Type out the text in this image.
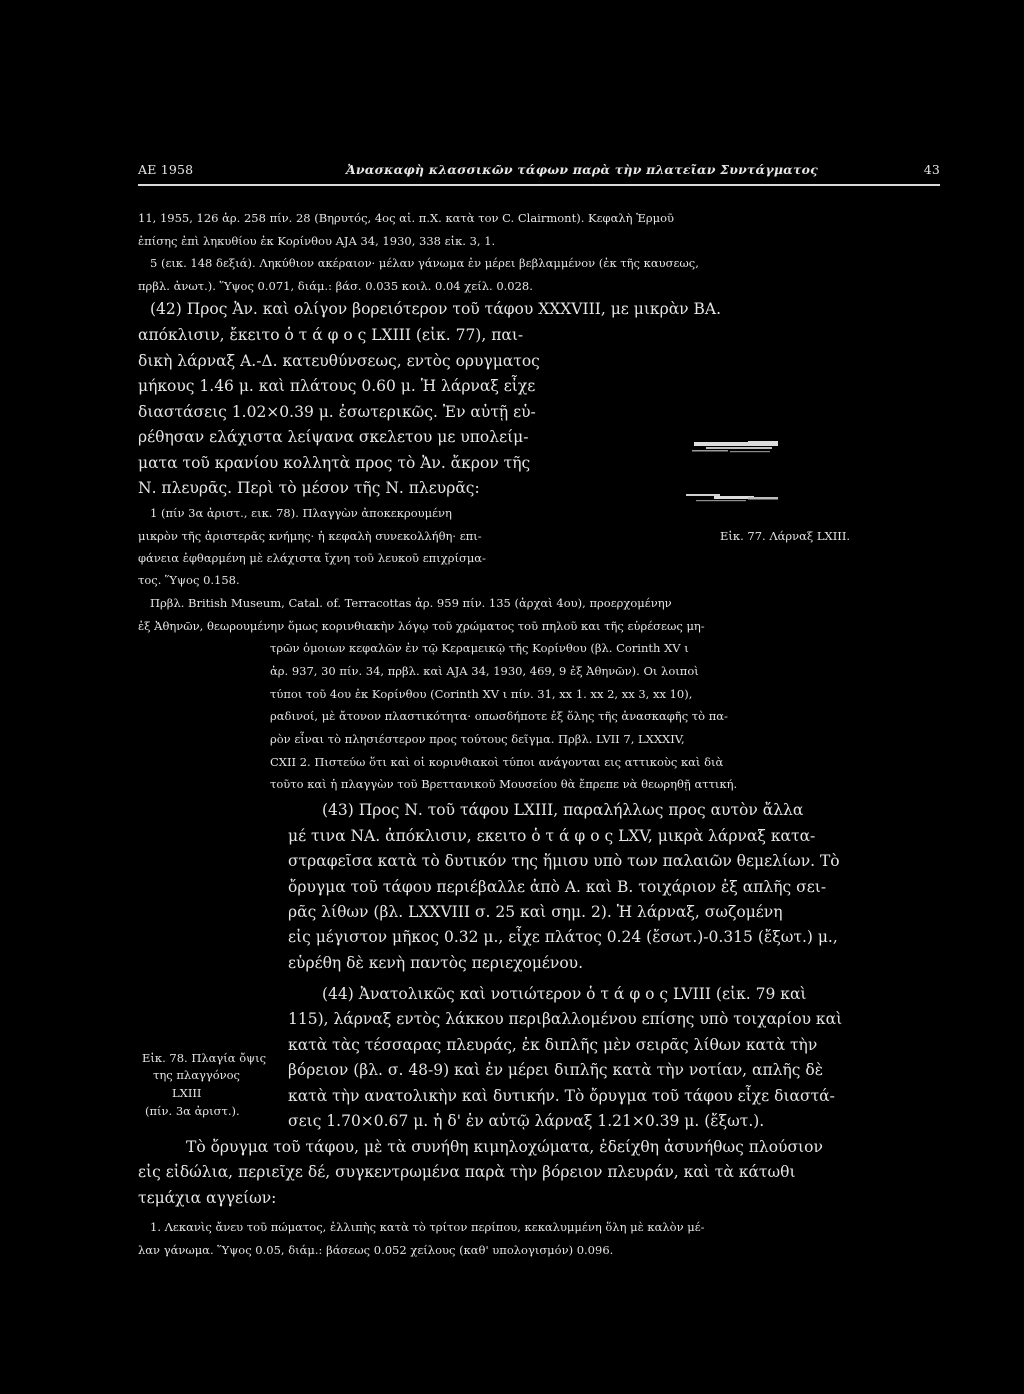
AE 1958	Ἀνασκαφὴ κλασσικῶν τάφων παρὰ τὴν πλατεῖαν Συντάγματος	43
11, 1955, 126 ἀρ. 258 πίν. 28 (Βηρυτός, 4ος αἰ. π.Χ. κατὰ τον C. Clairmont). Κεφαλὴ Ἑρμοῦ
ἐπίσης ἐπὶ ληκυθίου ἐκ Κορίνθου AJA 34, 1930, 338 εἰκ. 3, 1.
5 (εικ. 148 δεξιά). Ληκύθιον ακέραιον· μέλαν γάνωμα ἐν μέρει βεβλαμμένον (ἐκ τῆς καυσεως,
πρβλ. ἀνωτ.). Ὕψος 0.071, διάμ.: βάσ. 0.035 κοιλ. 0.04 χείλ. 0.028.
(42) Προς Ἀν. καὶ ολίγον βορειότερον τοῦ τάφου XXXVIII, με μικρὰν ΒΑ.
απόκλισιν, ἔκειτο ὁ τ ά φ ο ς LXIII (εἰκ. 77), παι-
δικὴ λάρναξ Α.-Δ. κατευθύνσεως, εντὸς ορυγματος
μήκους 1.46 μ. καὶ πλάτους 0.60 μ. Ἡ λάρναξ εἶχε
διαστάσεις 1.02×0.39 μ. ἐσωτερικῶς. Ἐν αὐτῇ εὑ-
ρέθησαν ελάχιστα λείψανα σκελετου με υπολείμ-
ματα τοῦ κρανίου κολλητὰ προς τὸ Ἀν. ἄκρον τῆς
Ν. πλευρᾶς. Περὶ τὸ μέσον τῆς Ν. πλευρᾶς:
1 (πίν 3α ἀριστ., εικ. 78). Πλαγγὼν ἀποκεκρουμένη
μικρὸν τῆς ἀριστερᾶς κνήμης· ἡ κεφαλὴ συνεκολλήθη· επι-
φάνεια ἐφθαρμένη μὲ ελάχιστα ἴχνη τοῦ λευκοῦ επιχρίσμα-
τος. Ὕψος 0.158.
Πρβλ. British Museum, Catal. of. Terracottas ἀρ. 959 πίν. 135 (ἀρχαὶ 4ου), προερχομένην
ἐξ Ἀθηνῶν, θεωρουμένην ὅμως κορινθιακὴν λόγῳ τοῦ χρώματος τοῦ πηλοῦ και τῆς εὑρέσεως μη-
τρῶν ὁμοιων κεφαλῶν ἐν τῷ Κεραμεικῷ τῆς Κορίνθου (βλ. Corinth XV ι
ἀρ. 937, 30 πίν. 34, πρβλ. καὶ AJA 34, 1930, 469, 9 ἐξ Ἀθηνῶν). Οι λοιποὶ
τύποι τοῦ 4ου ἐκ Κορίνθου (Corinth XV ι πίν. 31, xx 1. xx 2, xx 3, xx 10),
ραδινοί, μὲ ἄτονον πλαστικότητα· οπωσδήποτε ἐξ ὅλης τῆς ἀνασκαφῆς τὸ πα-
ρὸν εἶναι τὸ πλησιέστερον προς τούτους δεῖγμα. Πρβλ. LVII 7, LXXXIV,
CXII 2. Πιστεύω ὅτι καὶ οἱ κορινθιακοὶ τύποι ανάγονται εις αττικοὺς καὶ διὰ
τοῦτο καὶ ἡ πλαγγὼν τοῦ Βρεττανικοῦ Μουσείου θὰ ἔπρεπε νὰ θεωρηθῇ αττική.
(43) Προς Ν. τοῦ τάφου LXIII, παραλήλλως προς αυτὸν ἄλλα
μέ τινα ΝΑ. ἀπόκλισιν, εκειτο ὁ τ ά φ ο ς LXV, μικρὰ λάρναξ κατα-
στραφεῖσα κατὰ τὸ δυτικόν της ἥμισυ υπὸ των παλαιῶν θεμελίων. Τὸ
ὄρυγμα τοῦ τάφου περιέβαλλε ἀπὸ Α. καὶ Β. τοιχάριον ἐξ απλῆς σει-
ρᾶς λίθων (βλ. LXXVIII σ. 25 καὶ σημ. 2). Ἡ λάρναξ, σωζομένη
εἰς μέγιστον μῆκος 0.32 μ., εἶχε πλάτος 0.24 (ἔσωτ.)-0.315 (ἔξωτ.) μ.,
εὑρέθη δὲ κενὴ παντὸς περιεχομένου.
(44) Ἀνατολικῶς καὶ νοτιώτερον ὁ τ ά φ ο ς LVIII (εἰκ. 79 καὶ
115), λάρναξ εντὸς λάκκου περιβαλλομένου επίσης υπὸ τοιχαρίου καὶ
κατὰ τὰς τέσσαρας πλευράς, ἐκ διπλῆς μὲν σειρᾶς λίθων κατὰ τὴν
βόρειον (βλ. σ. 48-9) καὶ ἐν μέρει διπλῆς κατὰ τὴν νοτίαν, απλῆς δὲ
κατὰ τὴν ανατολικὴν καὶ δυτικήν. Τὸ ὄρυγμα τοῦ τάφου εἶχε διαστά-
σεις 1.70×0.67 μ. ἡ δ' ἐν αὐτῷ λάρναξ 1.21×0.39 μ. (ἔξωτ.).
Τὸ ὄρυγμα τοῦ τάφου, μὲ τὰ συνήθη κιμηλοχώματα, ἐδείχθη ἀσυνήθως πλούσιον
εἰς εἰδώλια, περιεῖχε δέ, συγκεντρωμένα παρὰ τὴν βόρειον πλευράν, καὶ τὰ κάτωθι
τεμάχια αγγείων:
1. Λεκανὶς ἄνευ τοῦ πώματος, ἐλλιπὴς κατὰ τὸ τρίτον περίπου, κεκαλυμμένη ὅλη μὲ καλὸν μέ-
λαν γάνωμα. Ὕψος 0.05, διάμ.: βάσεως 0.052 χείλους (καθ' υπολογισμόν) 0.096.
Εἰκ. 77. Λάρναξ LXIII.
Εἰκ. 78. Πλαγία ὄψις
της πλαγγόνος
LXIII
(πίν. 3α ἀριστ.).
